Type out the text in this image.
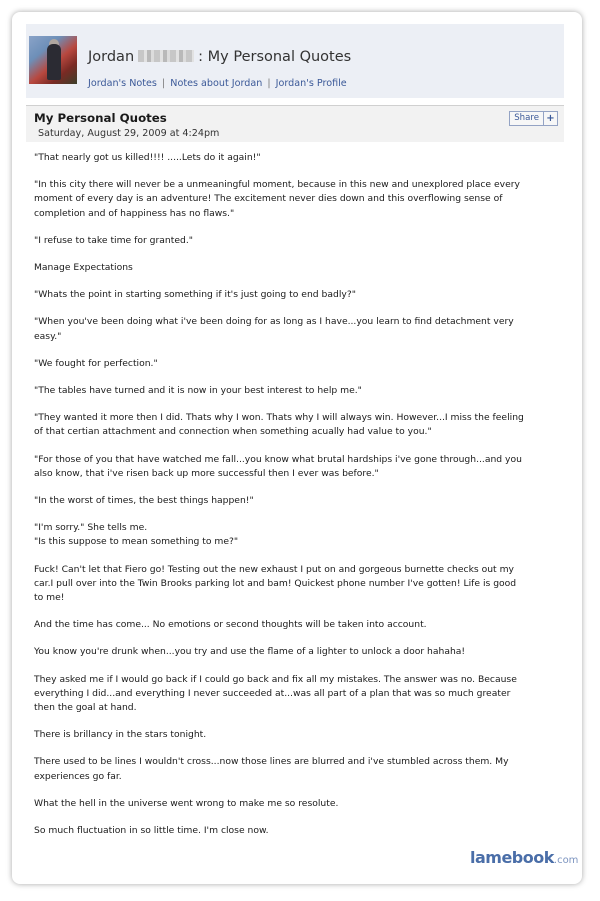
Jordan	: My Personal Quotes
Jordan's Notes | Notes about Jordan | Jordan's Profile
My Personal Quotes
Saturday, August 29, 2009 at 4:24pm
Share +

"That nearly got us killed!!!! .....Lets do it again!"

"In this city there will never be a unmeaningful moment, because in this new and unexplored place every moment of every day is an adventure! The excitement never dies down and this overflowing sense of completion and of happiness has no flaws."

"I refuse to take time for granted."

Manage Expectations

"Whats the point in starting something if it's just going to end badly?"

"When you've been doing what i've been doing for as long as I have...you learn to find detachment very easy."

"We fought for perfection."

"The tables have turned and it is now in your best interest to help me."

"They wanted it more then I did. Thats why I won. Thats why I will always win. However...I miss the feeling of that certian attachment and connection when something acually had value to you."

"For those of you that have watched me fall...you know what brutal hardships i've gone through...and you also know, that i've risen back up more successful then I ever was before."

"In the worst of times, the best things happen!"

"I'm sorry." She tells me.

"Is this suppose to mean something to me?"

Fuck! Can't let that Fiero go! Testing out the new exhaust I put on and gorgeous burnette checks out my car.I pull over into the Twin Brooks parking lot and bam! Quickest phone number I've gotten! Life is good to me!

And the time has come... No emotions or second thoughts will be taken into account.

You know you're drunk when...you try and use the flame of a lighter to unlock a door hahaha!

They asked me if I would go back if I could go back and fix all my mistakes. The answer was no. Because everything I did...and everything I never succeeded at...was all part of a plan that was so much greater then the goal at hand.

There is brillancy in the stars tonight.

There used to be lines I wouldn't cross...now those lines are blurred and i've stumbled across them. My experiences go far.

What the hell in the universe went wrong to make me so resolute.

So much fluctuation in so little time. I'm close now.

lamebook.com
